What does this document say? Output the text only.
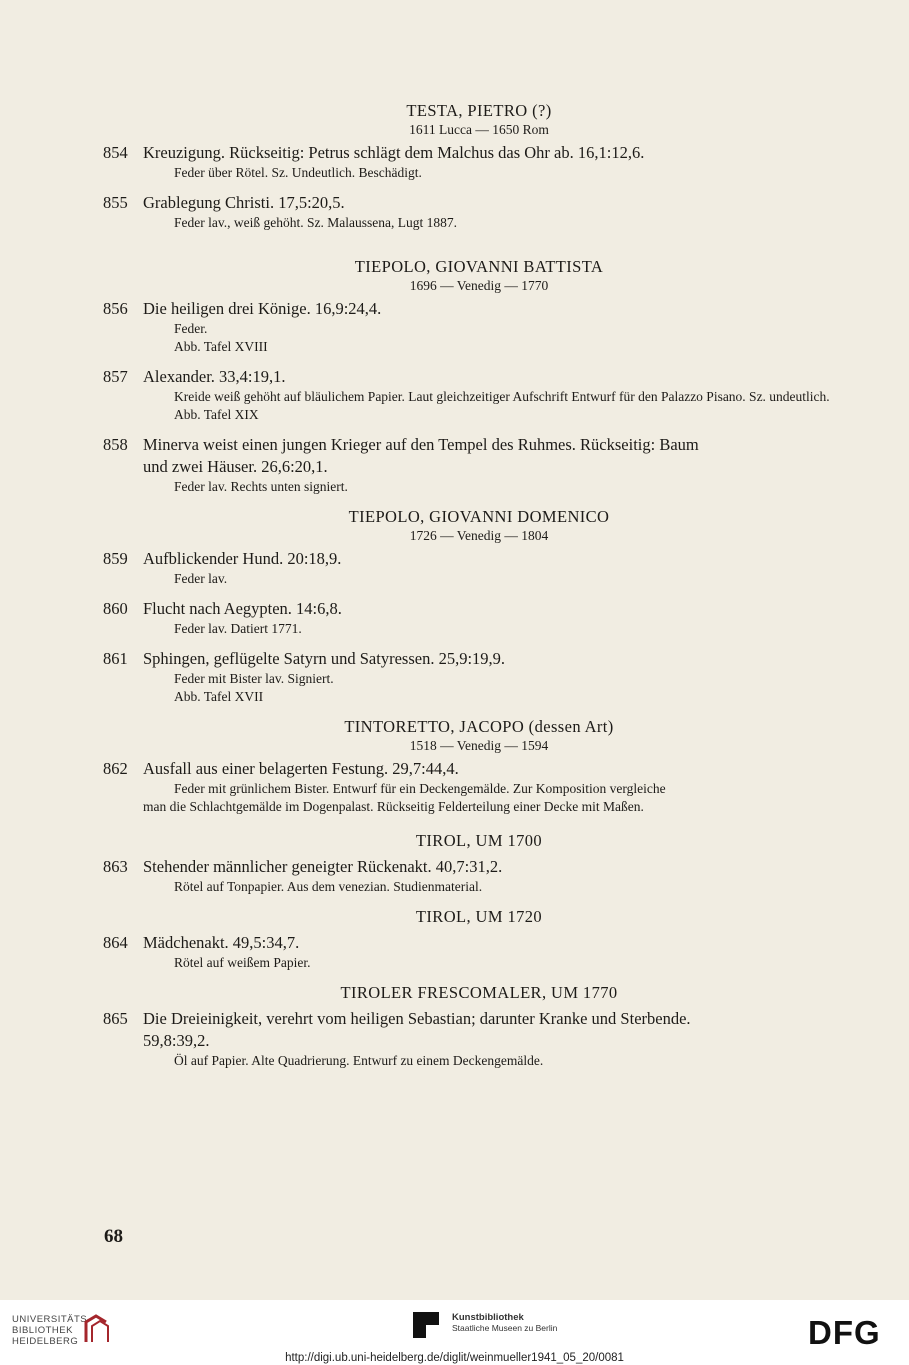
TESTA, PIETRO (?)
1611 Lucca — 1650 Rom
854 Kreuzigung. Rückseitig: Petrus schlägt dem Malchus das Ohr ab. 16,1:12,6.
Feder über Rötel. Sz. Undeutlich. Beschädigt.
855 Grablegung Christi. 17,5:20,5.
Feder lav., weiß gehöht. Sz. Malaussena, Lugt 1887.
TIEPOLO, GIOVANNI BATTISTA
1696 — Venedig — 1770
856 Die heiligen drei Könige. 16,9:24,4.
Feder.
Abb. Tafel XVIII
857 Alexander. 33,4:19,1.
Kreide weiß gehöht auf bläulichem Papier. Laut gleichzeitiger Aufschrift Entwurf für den Palazzo Pisano. Sz. undeutlich.
Abb. Tafel XIX
858 Minerva weist einen jungen Krieger auf den Tempel des Ruhmes. Rückseitig: Baum
und zwei Häuser. 26,6:20,1.
Feder lav. Rechts unten signiert.
TIEPOLO, GIOVANNI DOMENICO
1726 — Venedig — 1804
859 Aufblickender Hund. 20:18,9.
Feder lav.
860 Flucht nach Aegypten. 14:6,8.
Feder lav. Datiert 1771.
861 Sphingen, geflügelte Satyrn und Satyressen. 25,9:19,9.
Feder mit Bister lav. Signiert.
Abb. Tafel XVII
TINTORETTO, JACOPO (dessen Art)
1518 — Venedig — 1594
862 Ausfall aus einer belagerten Festung. 29,7:44,4.
Feder mit grünlichem Bister. Entwurf für ein Deckengemälde. Zur Komposition vergleiche
man die Schlachtgemälde im Dogenpalast. Rückseitig Felderteilung einer Decke mit Maßen.
TIROL, UM 1700
863 Stehender männlicher geneigter Rückenakt. 40,7:31,2.
Rötel auf Tonpapier. Aus dem venezian. Studienmaterial.
TIROL, UM 1720
864 Mädchenakt. 49,5:34,7.
Rötel auf weißem Papier.
TIROLER FRESCOMALER, UM 1770
865 Die Dreieinigkeit, verehrt vom heiligen Sebastian; darunter Kranke und Sterbende.
59,8:39,2.
Öl auf Papier. Alte Quadrierung. Entwurf zu einem Deckengemälde.
68
UNIVERSITÄTS-
BIBLIOTHEK
HEIDELBERG
Kunstbibliothek
Staatliche Museen zu Berlin	DFG
http://digi.ub.uni-heidelberg.de/diglit/weinmueller1941_05_20/0081
